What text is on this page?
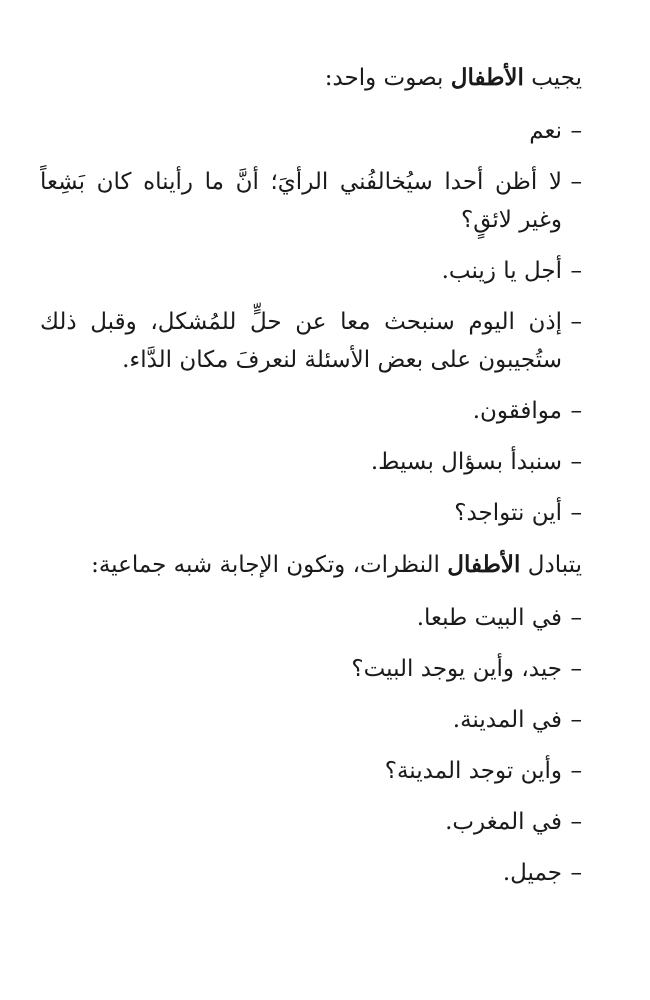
يجيب الأطفال بصوت واحد:

–
نعم
–
لا أظن أحدا سيُخالفُني الرأيَ؛ أنَّ ما رأيناه كان بَشِعاً وغير لائقٍ؟
–
أجل يا زينب.
–
إذن اليوم سنبحث معا عن حلٍّ للمُشكل، وقبل ذلك ستُجيبون على بعض الأسئلة لنعرفَ مكان الدَّاء.
–
موافقون.
–
سنبدأ بسؤال بسيط.
–
أين نتواجد؟

يتبادل الأطفال النظرات، وتكون الإجابة شبه جماعية:

–
في البيت طبعا.
–
جيد، وأين يوجد البيت؟
–
في المدينة.
–
وأين توجد المدينة؟
–
في المغرب.
–
جميل.
